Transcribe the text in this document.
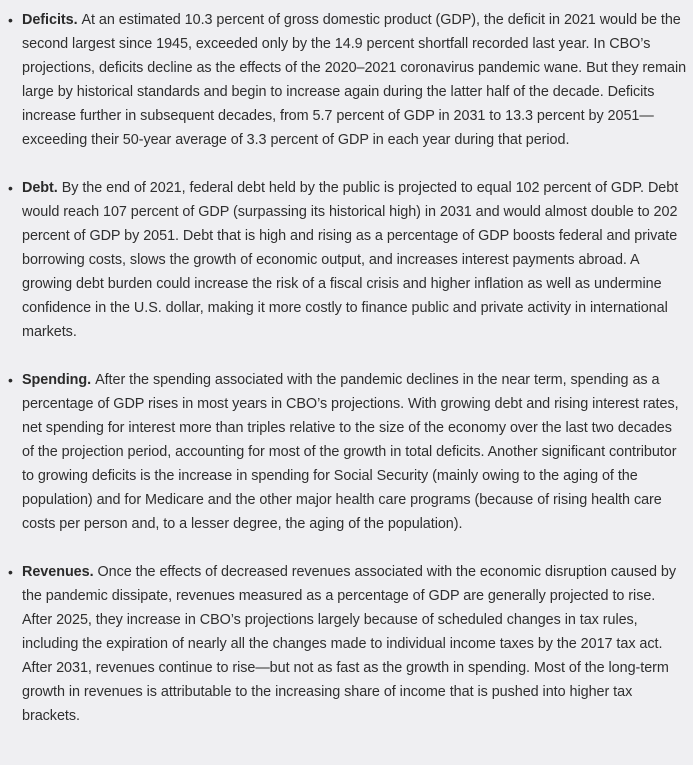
• Deficits. At an estimated 10.3 percent of gross domestic product (GDP), the deficit in 2021 would be the second largest since 1945, exceeded only by the 14.9 percent shortfall recorded last year. In CBO’s projections, deficits decline as the effects of the 2020–2021 coronavirus pandemic wane. But they remain large by historical standards and begin to increase again during the latter half of the decade. Deficits increase further in subsequent decades, from 5.7 percent of GDP in 2031 to 13.3 percent by 2051—exceeding their 50-year average of 3.3 percent of GDP in each year during that period.
• Debt. By the end of 2021, federal debt held by the public is projected to equal 102 percent of GDP. Debt would reach 107 percent of GDP (surpassing its historical high) in 2031 and would almost double to 202 percent of GDP by 2051. Debt that is high and rising as a percentage of GDP boosts federal and private borrowing costs, slows the growth of economic output, and increases interest payments abroad. A growing debt burden could increase the risk of a fiscal crisis and higher inflation as well as undermine confidence in the U.S. dollar, making it more costly to finance public and private activity in international markets.
• Spending. After the spending associated with the pandemic declines in the near term, spending as a percentage of GDP rises in most years in CBO’s projections. With growing debt and rising interest rates, net spending for interest more than triples relative to the size of the economy over the last two decades of the projection period, accounting for most of the growth in total deficits. Another significant contributor to growing deficits is the increase in spending for Social Security (mainly owing to the aging of the population) and for Medicare and the other major health care programs (because of rising health care costs per person and, to a lesser degree, the aging of the population).
• Revenues. Once the effects of decreased revenues associated with the economic disruption caused by the pandemic dissipate, revenues measured as a percentage of GDP are generally projected to rise. After 2025, they increase in CBO’s projections largely because of scheduled changes in tax rules, including the expiration of nearly all the changes made to individual income taxes by the 2017 tax act. After 2031, revenues continue to rise—but not as fast as the growth in spending. Most of the long-term growth in revenues is attributable to the increasing share of income that is pushed into higher tax brackets.
